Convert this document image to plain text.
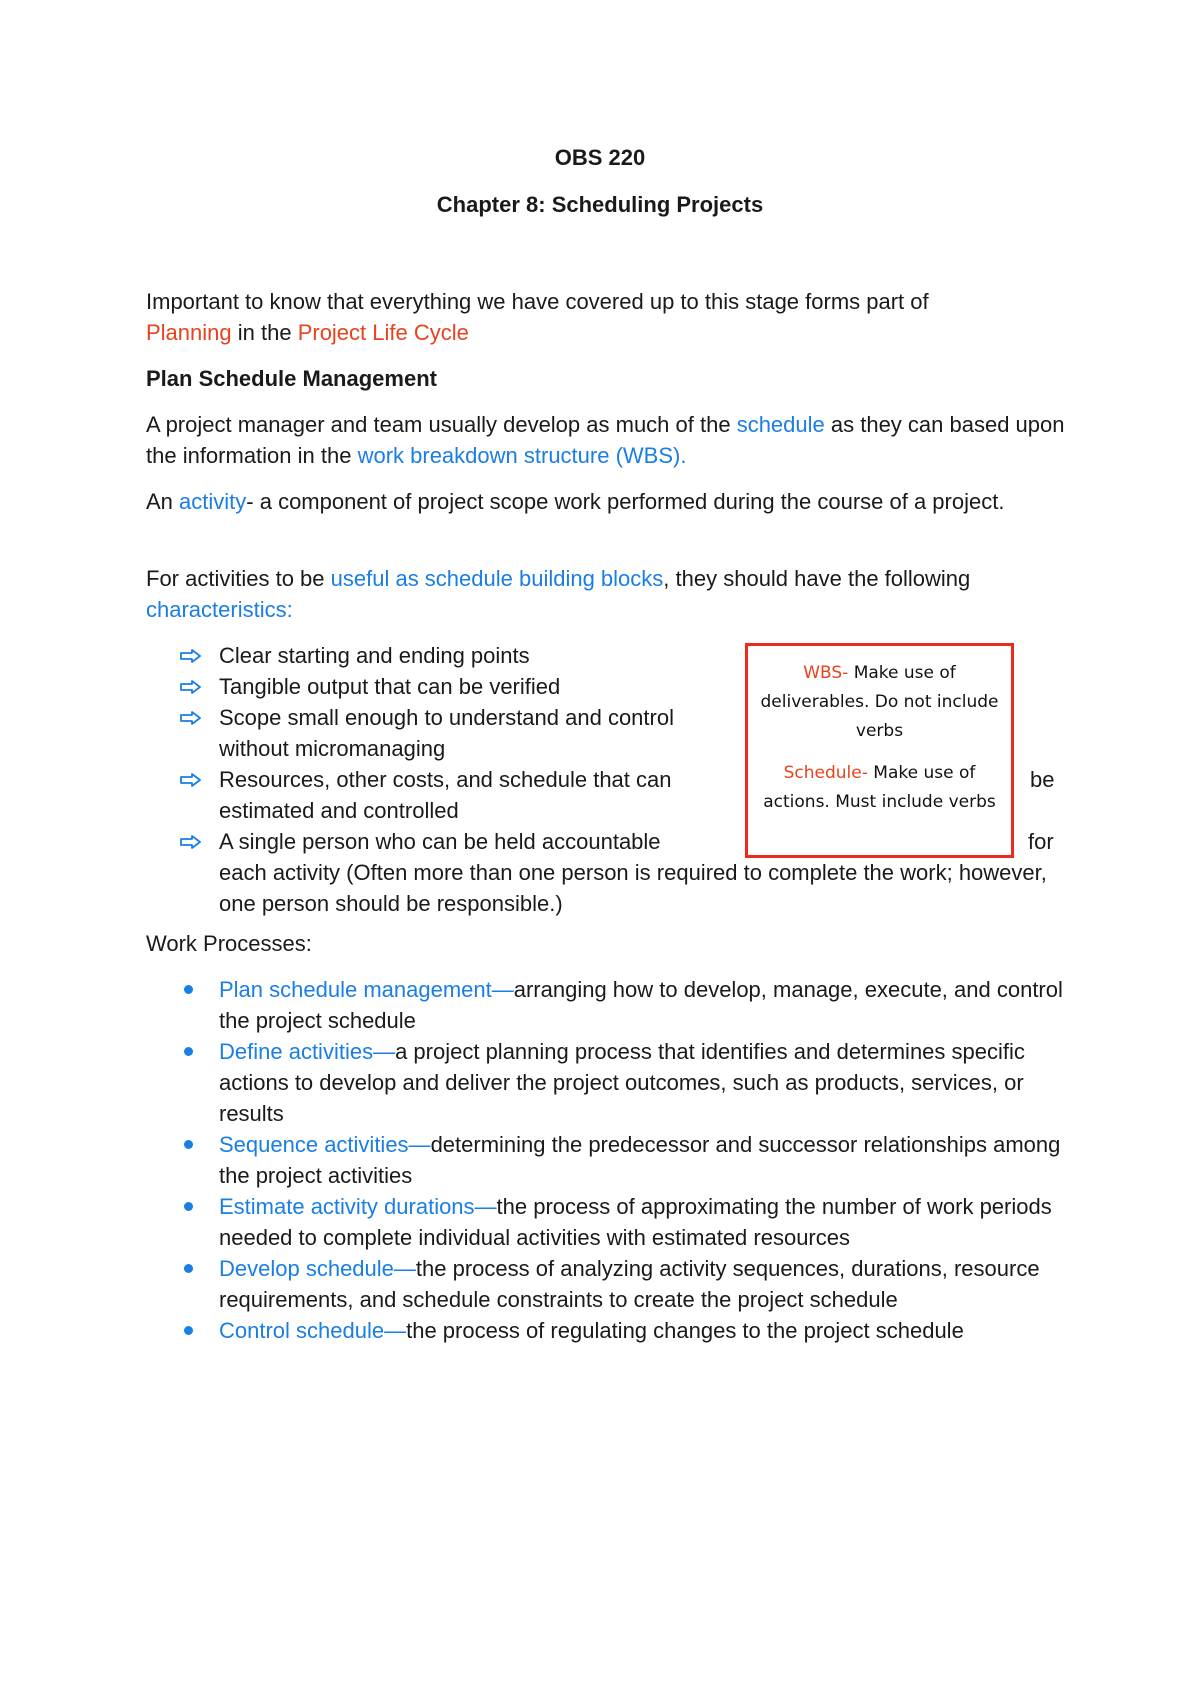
OBS 220

Chapter 8: Scheduling Projects

Important to know that everything we have covered up to this stage forms part of
Planning in the Project Life Cycle

Plan Schedule Management

A project manager and team usually develop as much of the schedule as they can based upon the information in the work breakdown structure (WBS).

An activity- a component of project scope work performed during the course of a project.

For activities to be useful as schedule building blocks, they should have the following characteristics:

Clear starting and ending points
Tangible output that can be verified
Scope small enough to understand and control without micromanaging
Resources, other costs, and schedule that can
estimated and controlled
A single person who can be held accountable

each activity (Often more than one person is required to complete the work; however, one person should be responsible.)

be
for

WBS- Make use of deliverables. Do not include verbs

Schedule- Make use of actions. Must include verbs

Work Processes:

Plan schedule management—arranging how to develop, manage, execute, and control the project schedule
Define activities—a project planning process that identifies and determines specific actions to develop and deliver the project outcomes, such as products, services, or results
Sequence activities—determining the predecessor and successor relationships among the project activities
Estimate activity durations—the process of approximating the number of work periods needed to complete individual activities with estimated resources
Develop schedule—the process of analyzing activity sequences, durations, resource requirements, and schedule constraints to create the project schedule
Control schedule—the process of regulating changes to the project schedule
